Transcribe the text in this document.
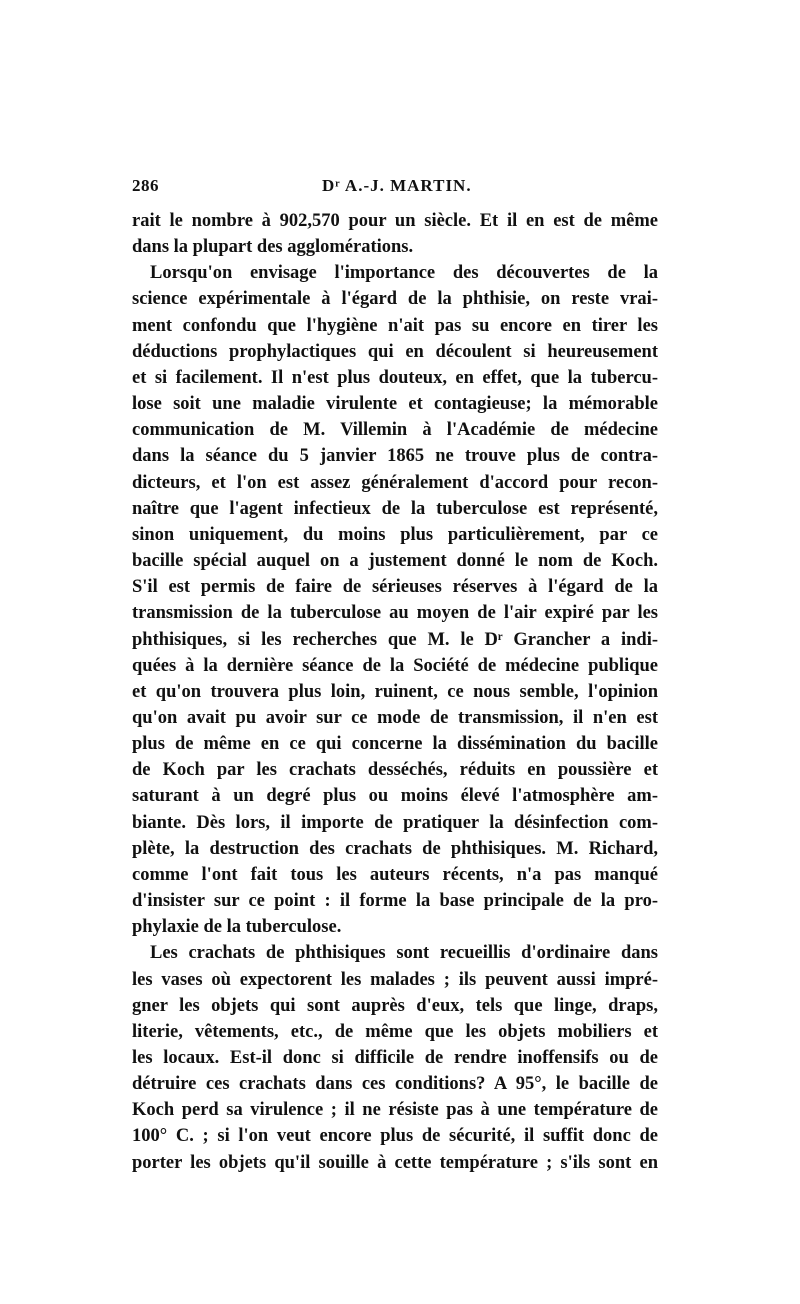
286	Dʳ A.-J. MARTIN.
rait le nombre à 902,570 pour un siècle. Et il en est de même
dans la plupart des agglomérations.
Lorsqu'on envisage l'importance des découvertes de la
science expérimentale à l'égard de la phthisie, on reste vrai-
ment confondu que l'hygiène n'ait pas su encore en tirer les
déductions prophylactiques qui en découlent si heureusement
et si facilement. Il n'est plus douteux, en effet, que la tubercu-
lose soit une maladie virulente et contagieuse; la mémorable
communication de M. Villemin à l'Académie de médecine
dans la séance du 5 janvier 1865 ne trouve plus de contra-
dicteurs, et l'on est assez généralement d'accord pour recon-
naître que l'agent infectieux de la tuberculose est représenté,
sinon uniquement, du moins plus particulièrement, par ce
bacille spécial auquel on a justement donné le nom de Koch.
S'il est permis de faire de sérieuses réserves à l'égard de la
transmission de la tuberculose au moyen de l'air expiré par les
phthisiques, si les recherches que M. le Dʳ Grancher a indi-
quées à la dernière séance de la Société de médecine publique
et qu'on trouvera plus loin, ruinent, ce nous semble, l'opinion
qu'on avait pu avoir sur ce mode de transmission, il n'en est
plus de même en ce qui concerne la dissémination du bacille
de Koch par les crachats desséchés, réduits en poussière et
saturant à un degré plus ou moins élevé l'atmosphère am-
biante. Dès lors, il importe de pratiquer la désinfection com-
plète, la destruction des crachats de phthisiques. M. Richard,
comme l'ont fait tous les auteurs récents, n'a pas manqué
d'insister sur ce point : il forme la base principale de la pro-
phylaxie de la tuberculose.
Les crachats de phthisiques sont recueillis d'ordinaire dans
les vases où expectorent les malades ; ils peuvent aussi impré-
gner les objets qui sont auprès d'eux, tels que linge, draps,
literie, vêtements, etc., de même que les objets mobiliers et
les locaux. Est-il donc si difficile de rendre inoffensifs ou de
détruire ces crachats dans ces conditions? A 95°, le bacille de
Koch perd sa virulence ; il ne résiste pas à une température de
100° C. ; si l'on veut encore plus de sécurité, il suffit donc de
porter les objets qu'il souille à cette température ; s'ils sont en
